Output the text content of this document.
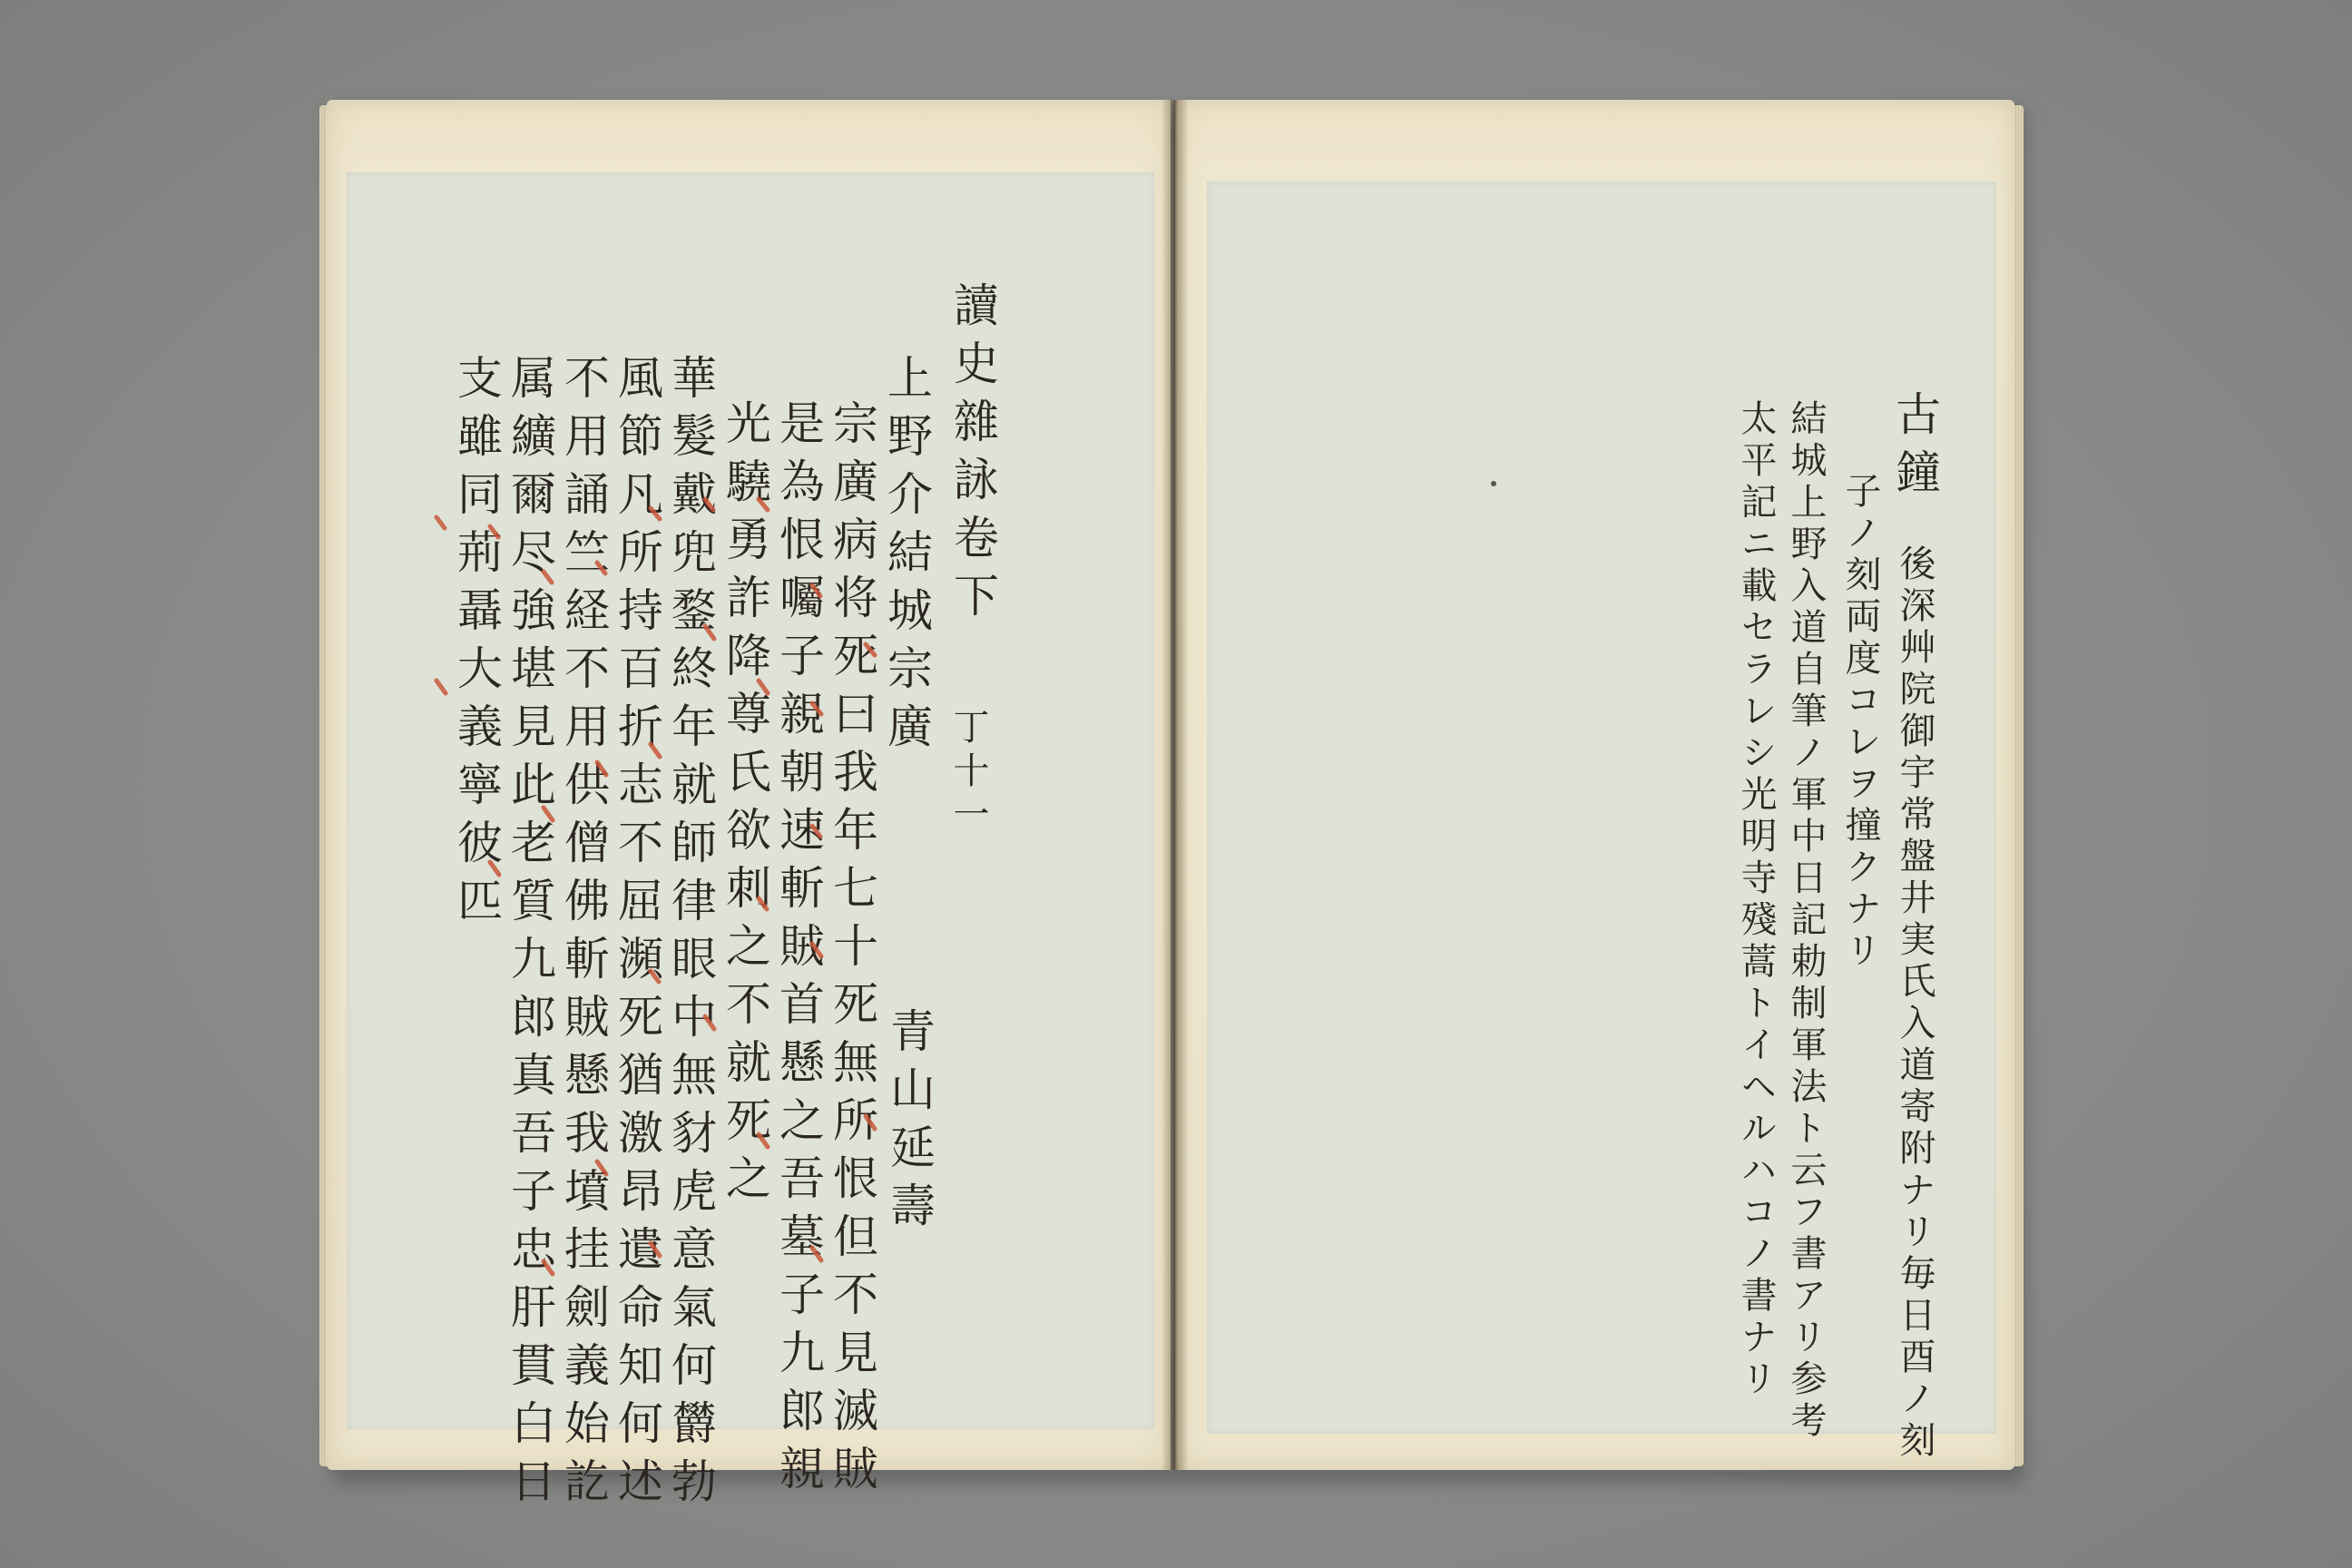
讀史雜詠卷下
丁十一
上野介結城宗廣
青山延壽
宗廣病将死曰我年七十死無所恨但不見滅賊
是為恨囑子親朝速斬賊首懸之吾墓子九郎親
光驍勇詐降尊氏欲刺之不就死之
華髮戴兜鍪終年就師律眼中無豺虎意氣何欝勃
風節凡所持百折志不屈瀕死猶激昂遺命知何述
不用誦竺経不用供僧佛斬賊懸我墳挂劍義始訖
属纊爾尽強堪見此老質九郎真吾子忠肝貫白日
支雖同荊聶大義寧彼匹	古鐘
後深艸院御宇常盤井実氏入道寄附ナリ毎日酉ノ刻
子ノ刻両度コレヲ撞クナリ
結城上野入道自筆ノ軍中日記勅制軍法ト云フ書アリ参考
太平記ニ載セラレシ光明寺殘蒿トイヘルハコノ書ナリ
